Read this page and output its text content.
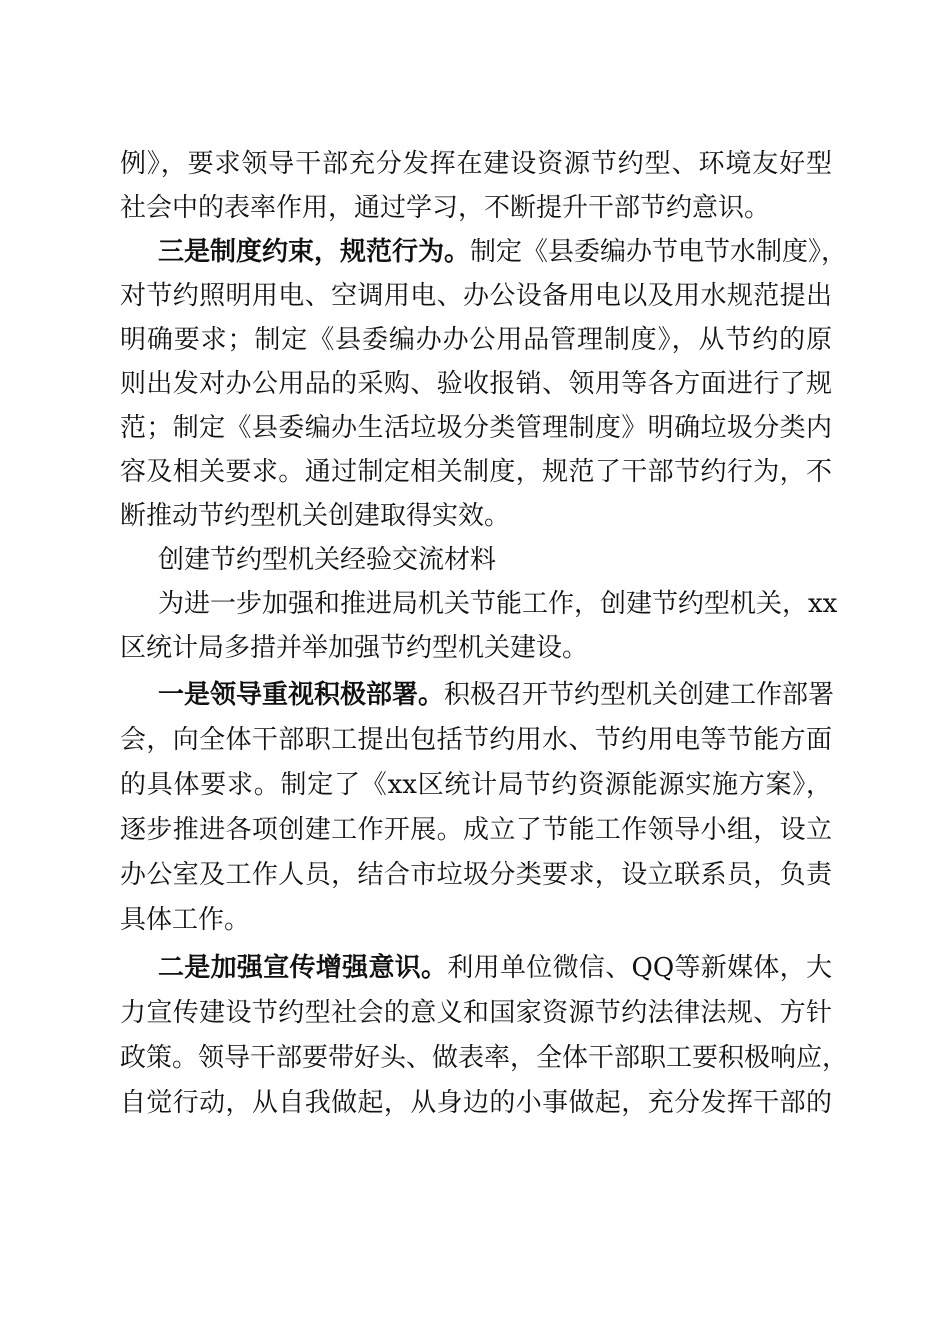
例》，要求领导干部充分发挥在建设资源节约型、环境友好型
社会中的表率作用，通过学习，不断提升干部节约意识。
三是制度约束，规范行为。制定《县委编办节电节水制度》，
对节约照明用电、空调用电、办公设备用电以及用水规范提出
明确要求；制定《县委编办办公用品管理制度》，从节约的原
则出发对办公用品的采购、验收报销、领用等各方面进行了规
范；制定《县委编办生活垃圾分类管理制度》明确垃圾分类内
容及相关要求。通过制定相关制度，规范了干部节约行为，不
断推动节约型机关创建取得实效。
创建节约型机关经验交流材料
为进一步加强和推进局机关节能工作，创建节约型机关，xx
区统计局多措并举加强节约型机关建设。
一是领导重视积极部署。积极召开节约型机关创建工作部署
会，向全体干部职工提出包括节约用水、节约用电等节能方面
的具体要求。制定了《xx区统计局节约资源能源实施方案》，
逐步推进各项创建工作开展。成立了节能工作领导小组，设立
办公室及工作人员，结合市垃圾分类要求，设立联系员，负责
具体工作。
二是加强宣传增强意识。利用单位微信、QQ等新媒体，大
力宣传建设节约型社会的意义和国家资源节约法律法规、方针
政策。领导干部要带好头、做表率，全体干部职工要积极响应，
自觉行动，从自我做起，从身边的小事做起，充分发挥干部的
